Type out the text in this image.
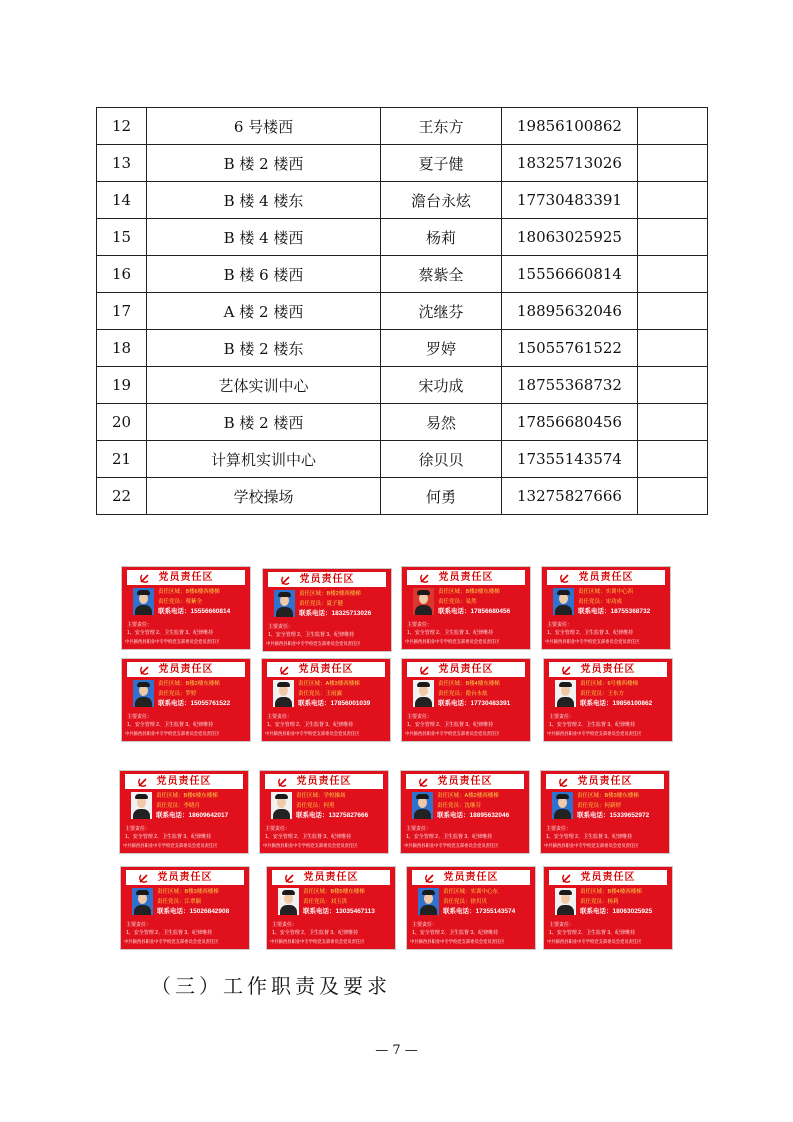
12	6 号楼西	王东方	19856100862	
13	B 楼 2 楼西	夏子健	18325713026	
14	B 楼 4 楼东	澹台永炫	17730483391	
15	B 楼 4 楼西	杨莉	18063025925	
16	B 楼 6 楼西	蔡紫全	15556660814	
17	A 楼 2 楼西	沈继芬	18895632046	
18	B 楼 2 楼东	罗婷	15055761522	
19	艺体实训中心	宋功成	18755368732	
20	B 楼 2 楼西	易然	17856680456	
21	计算机实训中心	徐贝贝	17355143574	
22	学校操场	何勇	13275827666	
党员责任区
责任区域：B楼6楼西楼梯
责任党员：蔡紫全
联系电话：15556660814
主要责任：
1、安全管理 2、卫生监督 3、纪律维持
中共颍西县职业中专学校党支部委员会党员责任区
党员责任区
责任区域：B楼2楼西楼梯
责任党员：夏子健
联系电话：18325713026
主要责任：
1、安全管理 2、卫生监督 3、纪律维持
中共颍西县职业中专学校党支部委员会党员责任区
党员责任区
责任区域：B楼2楼东楼梯
责任党员：易然
联系电话：17856680456
主要责任：
1、安全管理 2、卫生监督 3、纪律维持
中共颍西县职业中专学校党支部委员会党员责任区
党员责任区
责任区域：实训中心西
责任党员：宋功成
联系电话：18755368732
主要责任：
1、安全管理 2、卫生监督 3、纪律维持
中共颍西县职业中专学校党支部委员会党员责任区
党员责任区
责任区域：B楼2楼东楼梯
责任党员：罗婷
联系电话：15055761522
主要责任：
1、安全管理 2、卫生监督 3、纪律维持
中共颍西县职业中专学校党支部委员会党员责任区
党员责任区
责任区域：A楼3楼西楼梯
责任党员：王雨露
联系电话：17856001039
主要责任：
1、安全管理 2、卫生监督 3、纪律维持
中共颍西县职业中专学校党支部委员会党员责任区
党员责任区
责任区域：B楼4楼东楼梯
责任党员：澹台永炫
联系电话：17730483391
主要责任：
1、安全管理 2、卫生监督 3、纪律维持
中共颍西县职业中专学校党支部委员会党员责任区
党员责任区
责任区域：6号楼西楼梯
责任党员：王东方
联系电话：19856100862
主要责任：
1、安全管理 2、卫生监督 3、纪律维持
中共颍西县职业中专学校党支部委员会党员责任区
党员责任区
责任区域：B楼6楼东楼梯
责任党员：李晓月
联系电话：18609642017
主要责任：
1、安全管理 2、卫生监督 3、纪律维持
中共颍西县职业中专学校党支部委员会党员责任区
党员责任区
责任区域：学校操场
责任党员：何勇
联系电话：13275827666
主要责任：
1、安全管理 2、卫生监督 3、纪律维持
中共颍西县职业中专学校党支部委员会党员责任区
党员责任区
责任区域：A楼2楼西楼梯
责任党员：沈继芬
联系电话：18895632046
主要责任：
1、安全管理 2、卫生监督 3、纪律维持
中共颍西县职业中专学校党支部委员会党员责任区
党员责任区
责任区域：B楼3楼东楼梯
责任党员：何新婷
联系电话：15339652972
主要责任：
1、安全管理 2、卫生监督 3、纪律维持
中共颍西县职业中专学校党支部委员会党员责任区
党员责任区
责任区域：B楼3楼西楼梯
责任党员：江翠颖
联系电话：15026842908
主要责任：
1、安全管理 2、卫生监督 3、纪律维持
中共颍西县职业中专学校党支部委员会党员责任区
党员责任区
责任区域：B楼5楼东楼梯
责任党员：刘玉洪
联系电话：13035467113
主要责任：
1、安全管理 2、卫生监督 3、纪律维持
中共颍西县职业中专学校党支部委员会党员责任区
党员责任区
责任区域：实训中心东
责任党员：徐贝贝
联系电话：17355143574
主要责任：
1、安全管理 2、卫生监督 3、纪律维持
中共颍西县职业中专学校党支部委员会党员责任区
党员责任区
责任区域：B楼4楼西楼梯
责任党员：杨莉
联系电话：18063025925
主要责任：
1、安全管理 2、卫生监督 3、纪律维持
中共颍西县职业中专学校党支部委员会党员责任区
（三）工作职责及要求
— 7 —
